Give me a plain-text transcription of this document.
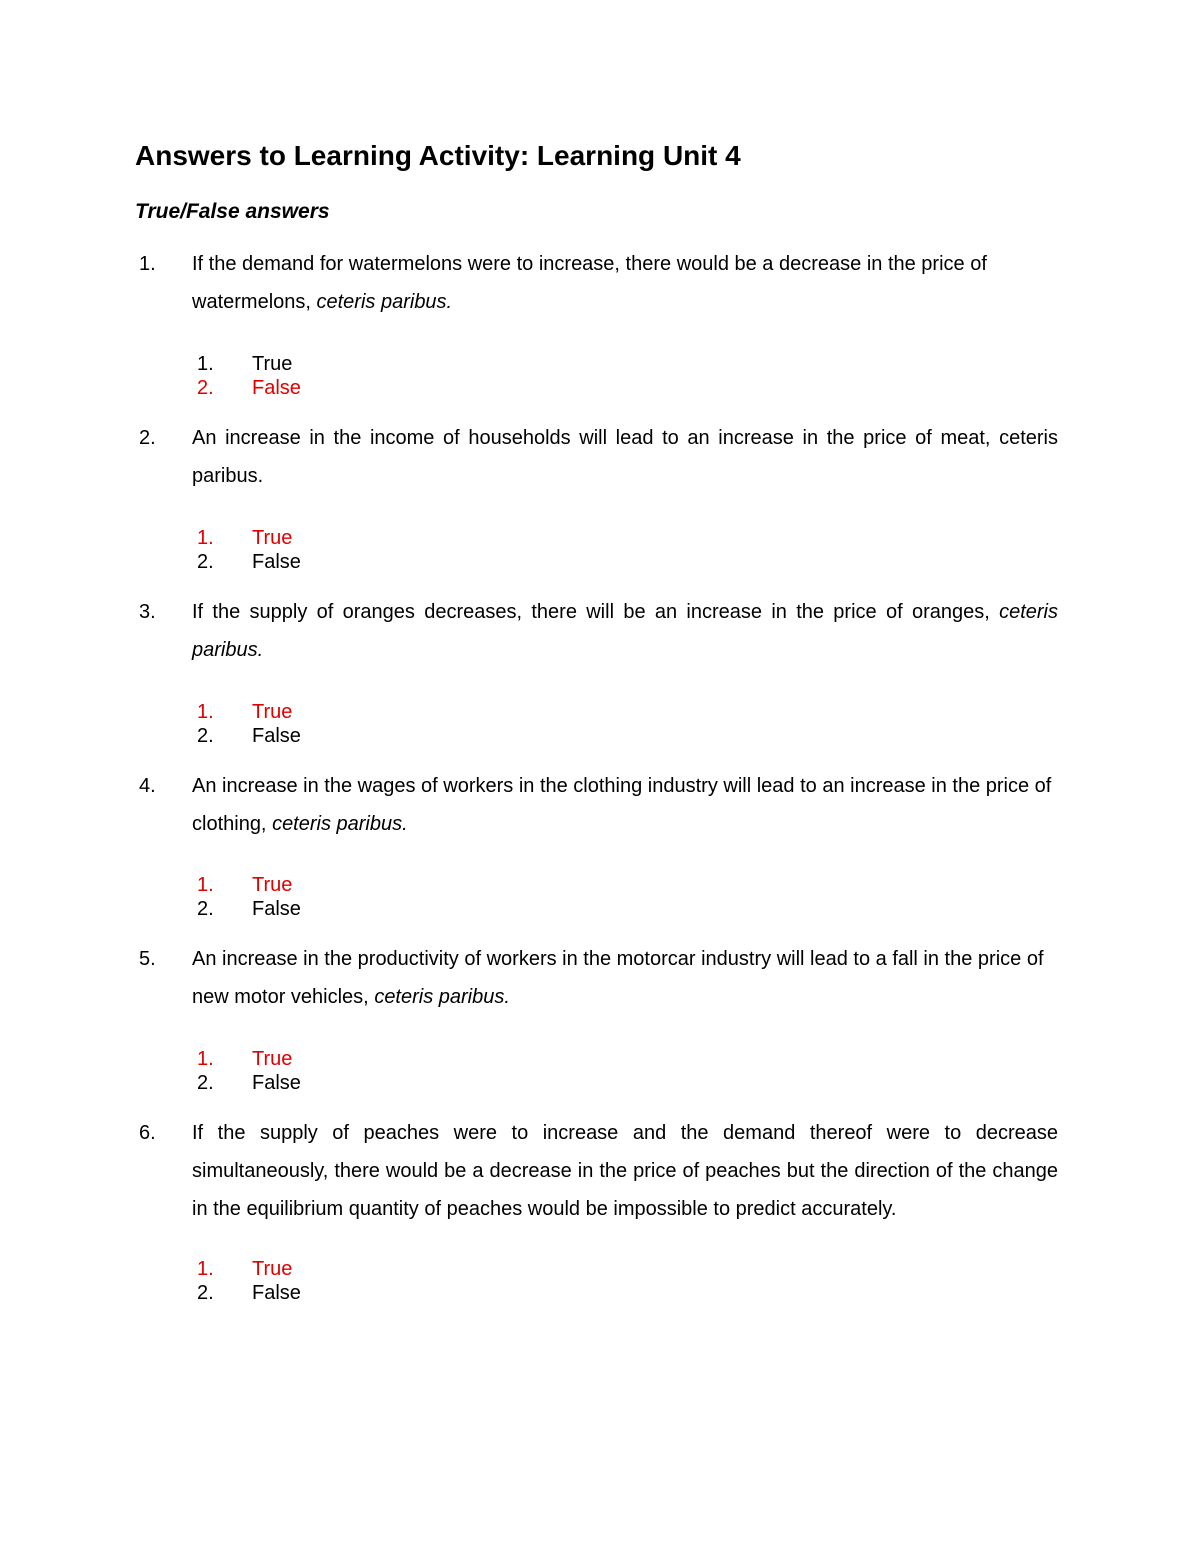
Answers to Learning Activity: Learning Unit 4
True/False answers
1. If the demand for watermelons were to increase, there would be a decrease in the price of watermelons, ceteris paribus.
1. True
2. False
2. An increase in the income of households will lead to an increase in the price of meat, ceteris paribus.
1. True
2. False
3. If the supply of oranges decreases, there will be an increase in the price of oranges, ceteris paribus.
1. True
2. False
4. An increase in the wages of workers in the clothing industry will lead to an increase in the price of clothing, ceteris paribus.
1. True
2. False
5. An increase in the productivity of workers in the motorcar industry will lead to a fall in the price of new motor vehicles, ceteris paribus.
1. True
2. False
6. If the supply of peaches were to increase and the demand thereof were to decrease simultaneously, there would be a decrease in the price of peaches but the direction of the change in the equilibrium quantity of peaches would be impossible to predict accurately.
1. True
2. False
